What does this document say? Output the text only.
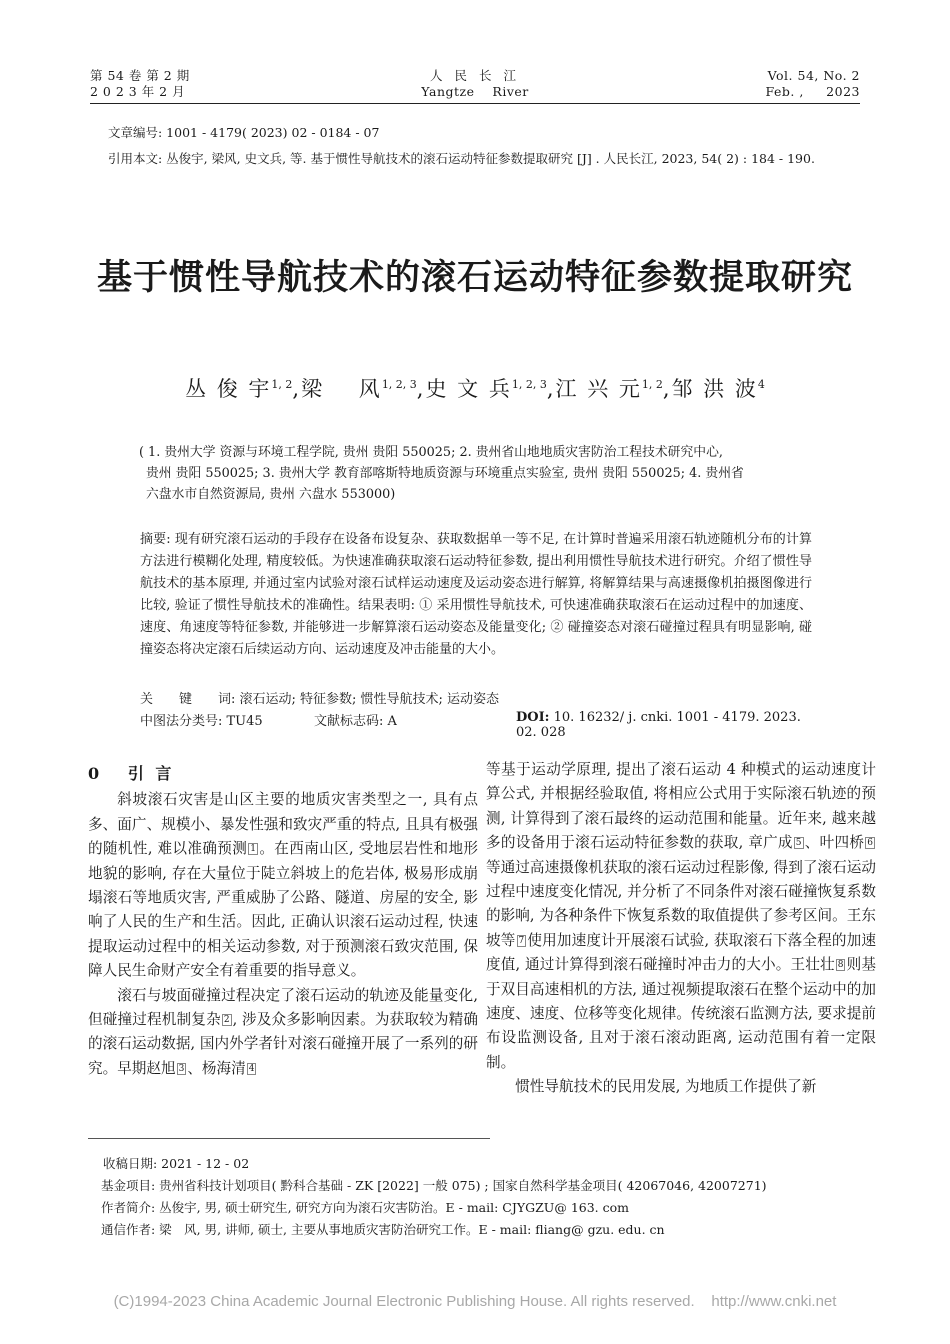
第 54 卷 第 2 期
2 0 2 3 年 2 月
人 民 长 江
Yangtze    River
Vol. 54, No. 2
Feb. ,     2023
文章编号: 1001 - 4179( 2023) 02 - 0184 - 07
引用本文: 丛俊宇, 梁风, 史文兵, 等. 基于惯性导航技术的滚石运动特征参数提取研究 [J] . 人民长江, 2023, 54( 2) : 184 - 190.
基于惯性导航技术的滚石运动特征参数提取研究
丛 俊 宇$^{1, 2}$,梁    风$^{1, 2, 3}$,史 文 兵$^{1, 2, 3}$,江 兴 元$^{1, 2}$,邹 洪 波$^4$
( 1. 贵州大学 资源与环境工程学院, 贵州 贵阳 550025; 2. 贵州省山地地质灾害防治工程技术研究中心,
贵州 贵阳 550025; 3. 贵州大学 教育部喀斯特地质资源与环境重点实验室, 贵州 贵阳 550025; 4. 贵州省
六盘水市自然资源局, 贵州 六盘水 553000)
摘要: 现有研究滚石运动的手段存在设备布设复杂、获取数据单一等不足, 在计算时普遍采用滚石轨迹随机分布的计算方法进行模糊化处理, 精度较低。为快速准确获取滚石运动特征参数, 提出利用惯性导航技术进行研究。介绍了惯性导航技术的基本原理, 并通过室内试验对滚石试样运动速度及运动姿态进行解算, 将解算结果与高速摄像机拍摄图像进行比较, 验证了惯性导航技术的准确性。结果表明: ① 采用惯性导航技术, 可快速准确获取滚石在运动过程中的加速度、速度、角速度等特征参数, 并能够进一步解算滚石运动姿态及能量变化; ② 碰撞姿态对滚石碰撞过程具有明显影响, 碰撞姿态将决定滚石后续运动方向、运动速度及冲击能量的大小。
关　　键　　词: 滚石运动; 特征参数; 惯性导航技术; 运动姿态
中图法分类号: TU45	文献标志码: A	DOI: 10. 16232/ j. cnki. 1001 - 4179. 2023. 02. 028
0 引 言

斜坡滚石灾害是山区主要的地质灾害类型之一, 具有点多、面广、规模小、暴发性强和致灾严重的特点, 且具有极强的随机性, 难以准确预测 $^1$ 。在西南山区, 受地层岩性和地形地貌的影响, 存在大量位于陡立斜坡上的危岩体, 极易形成崩塌滚石等地质灾害, 严重威胁了公路、隧道、房屋的安全, 影响了人民的生产和生活。因此, 正确认识滚石运动过程, 快速提取运动过程中的相关运动参数, 对于预测滚石致灾范围, 保障人民生命财产安全有着重要的指导意义。

滚石与坡面碰撞过程决定了滚石运动的轨迹及能量变化, 但碰撞过程机制复杂 $^2$ , 涉及众多影响因素。为获取较为精确的滚石运动数据, 国内外学者针对滚石碰撞开展了一系列的研究。早期赵旭 $^3$ 、杨海清 $^4$

等基于运动学原理, 提出了滚石运动 4 种模式的运动速度计算公式, 并根据经验取值, 将相应公式用于实际滚石轨迹的预测, 计算得到了滚石最终的运动范围和能量。近年来, 越来越多的设备用于滚石运动特征参数的获取, 章广成 $^5$ 、叶四桥 $^6$等通过高速摄像机获取的滚石运动过程影像, 得到了滚石运动过程中速度变化情况, 并分析了不同条件对滚石碰撞恢复系数的影响, 为各种条件下恢复系数的取值提供了参考区间。王东坡等 $^7$ 使用加速度计开展滚石试验, 获取滚石下落全程的加速度值, 通过计算得到滚石碰撞时冲击力的大小。王壮壮 $^8$ 则基于双目高速相机的方法, 通过视频提取滚石在整个运动中的加速度、速度、位移等变化规律。传统滚石监测方法, 要求提前布设监测设备, 且对于滚石滚动距离, 运动范围有着一定限制。

惯性导航技术的民用发展, 为地质工作提供了新

收稿日期: 2021 - 12 - 02
基金项目: 贵州省科技计划项目( 黔科合基础 - ZK [2022] 一般 075) ; 国家自然科学基金项目( 42067046, 42007271)
作者简介: 丛俊宇, 男, 硕士研究生, 研究方向为滚石灾害防治。E - mail: CJYGZU@ 163. com
通信作者: 梁　风, 男, 讲师, 硕士, 主要从事地质灾害防治研究工作。E - mail: fliang@ gzu. edu. cn
(C)1994-2023 China Academic Journal Electronic Publishing House. All rights reserved.    http://www.cnki.net
